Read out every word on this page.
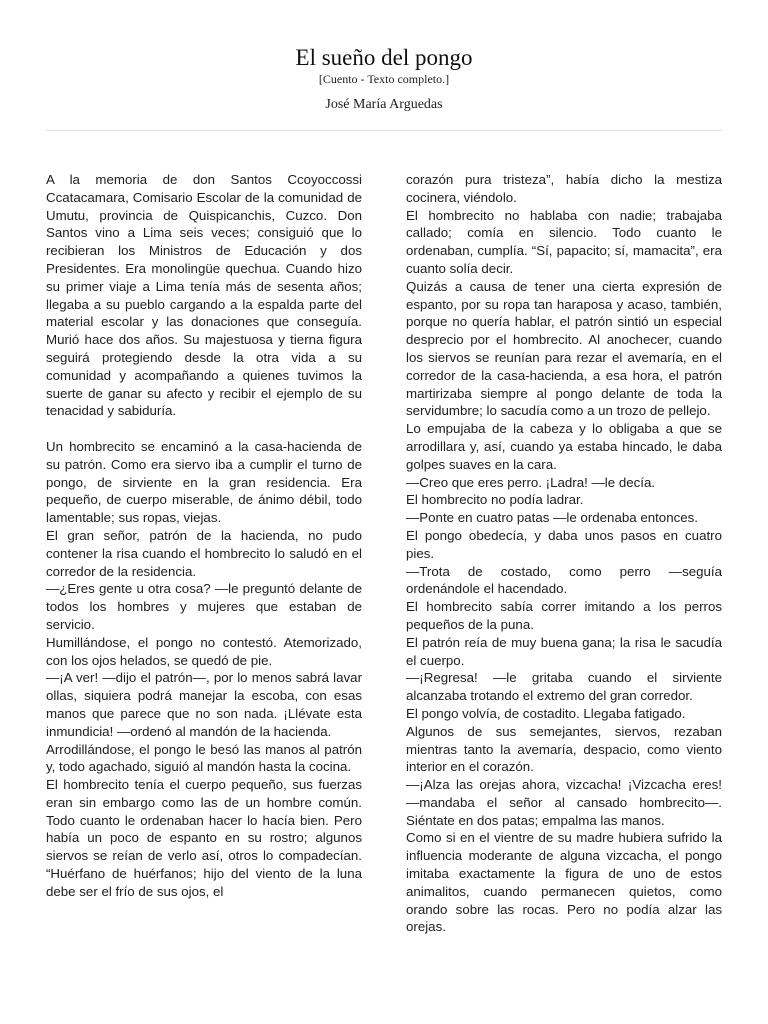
El sueño del pongo
[Cuento - Texto completo.]
José María Arguedas

A la memoria de don Santos Ccoyoccossi Ccatacamara, Comisario Escolar de la comunidad de Umutu, provincia de Quispicanchis, Cuzco. Don Santos vino a Lima seis veces; consiguió que lo recibieran los Ministros de Educación y dos Presidentes. Era monolingüe quechua. Cuando hizo su primer viaje a Lima tenía más de sesenta años; llegaba a su pueblo cargando a la espalda parte del material escolar y las donaciones que conseguía. Murió hace dos años. Su majestuosa y tierna figura seguirá protegiendo desde la otra vida a su comunidad y acompañando a quienes tuvimos la suerte de ganar su afecto y recibir el ejemplo de su tenacidad y sabiduría.

Un hombrecito se encaminó a la casa-hacienda de su patrón. Como era siervo iba a cumplir el turno de pongo, de sirviente en la gran residencia. Era pequeño, de cuerpo miserable, de ánimo débil, todo lamentable; sus ropas, viejas.

El gran señor, patrón de la hacienda, no pudo contener la risa cuando el hombrecito lo saludó en el corredor de la residencia.

—¿Eres gente u otra cosa? —le preguntó delante de todos los hombres y mujeres que estaban de servicio.

Humillándose, el pongo no contestó. Atemorizado, con los ojos helados, se quedó de pie.

—¡A ver! —dijo el patrón—, por lo menos sabrá lavar ollas, siquiera podrá manejar la escoba, con esas manos que parece que no son nada. ¡Llévate esta inmundicia! —ordenó al mandón de la hacienda.

Arrodillándose, el pongo le besó las manos al patrón y, todo agachado, siguió al mandón hasta la cocina.

El hombrecito tenía el cuerpo pequeño, sus fuerzas eran sin embargo como las de un hombre común. Todo cuanto le ordenaban hacer lo hacía bien. Pero había un poco de espanto en su rostro; algunos siervos se reían de verlo así, otros lo compadecían. “Huérfano de huérfanos; hijo del viento de la luna debe ser el frío de sus ojos, el

corazón pura tristeza”, había dicho la mestiza cocinera, viéndolo.

El hombrecito no hablaba con nadie; trabajaba callado; comía en silencio. Todo cuanto le ordenaban, cumplía. “Sí, papacito; sí, mamacita”, era cuanto solía decir.

Quizás a causa de tener una cierta expresión de espanto, por su ropa tan haraposa y acaso, también, porque no quería hablar, el patrón sintió un especial desprecio por el hombrecito. Al anochecer, cuando los siervos se reunían para rezar el avemaría, en el corredor de la casa-hacienda, a esa hora, el patrón martirizaba siempre al pongo delante de toda la servidumbre; lo sacudía como a un trozo de pellejo.

Lo empujaba de la cabeza y lo obligaba a que se arrodillara y, así, cuando ya estaba hincado, le daba golpes suaves en la cara.

—Creo que eres perro. ¡Ladra! —le decía.

El hombrecito no podía ladrar.

—Ponte en cuatro patas —le ordenaba entonces.

El pongo obedecía, y daba unos pasos en cuatro pies.

—Trota de costado, como perro —seguía ordenándole el hacendado.

El hombrecito sabía correr imitando a los perros pequeños de la puna.

El patrón reía de muy buena gana; la risa le sacudía el cuerpo.

—¡Regresa! —le gritaba cuando el sirviente alcanzaba trotando el extremo del gran corredor.

El pongo volvía, de costadito. Llegaba fatigado.

Algunos de sus semejantes, siervos, rezaban mientras tanto la avemaría, despacio, como viento interior en el corazón.

—¡Alza las orejas ahora, vizcacha! ¡Vizcacha eres! —mandaba el señor al cansado hombrecito—. Siéntate en dos patas; empalma las manos.

Como si en el vientre de su madre hubiera sufrido la influencia moderante de alguna vizcacha, el pongo imitaba exactamente la figura de uno de estos animalitos, cuando permanecen quietos, como orando sobre las rocas. Pero no podía alzar las orejas.
